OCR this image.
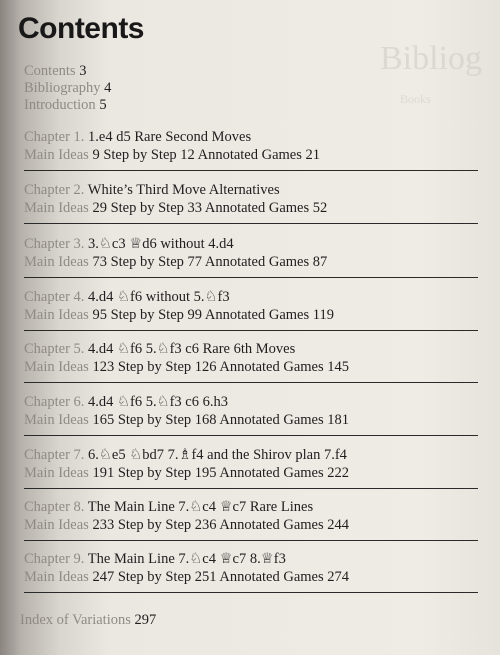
Bibliog
Books
Contents
Contents 3
Bibliography 4
Introduction 5
Chapter 1. 1.e4 d5 Rare Second Moves
Main Ideas 9 Step by Step 12 Annotated Games 21
Chapter 2. White’s Third Move Alternatives
Main Ideas 29 Step by Step 33 Annotated Games 52
Chapter 3. 3.♘c3 ♕d6 without 4.d4
Main Ideas 73 Step by Step 77 Annotated Games 87
Chapter 4. 4.d4 ♘f6 without 5.♘f3
Main Ideas 95 Step by Step 99 Annotated Games 119
Chapter 5. 4.d4 ♘f6 5.♘f3 c6 Rare 6th Moves
Main Ideas 123 Step by Step 126 Annotated Games 145
Chapter 6. 4.d4 ♘f6 5.♘f3 c6 6.h3
Main Ideas 165 Step by Step 168 Annotated Games 181
Chapter 7. 6.♘e5 ♘bd7 7.♗f4 and the Shirov plan 7.f4
Main Ideas 191 Step by Step 195 Annotated Games 222
Chapter 8. The Main Line 7.♘c4 ♕c7 Rare Lines
Main Ideas 233 Step by Step 236 Annotated Games 244
Chapter 9. The Main Line 7.♘c4 ♕c7 8.♕f3
Main Ideas 247 Step by Step 251 Annotated Games 274
Index of Variations 297
